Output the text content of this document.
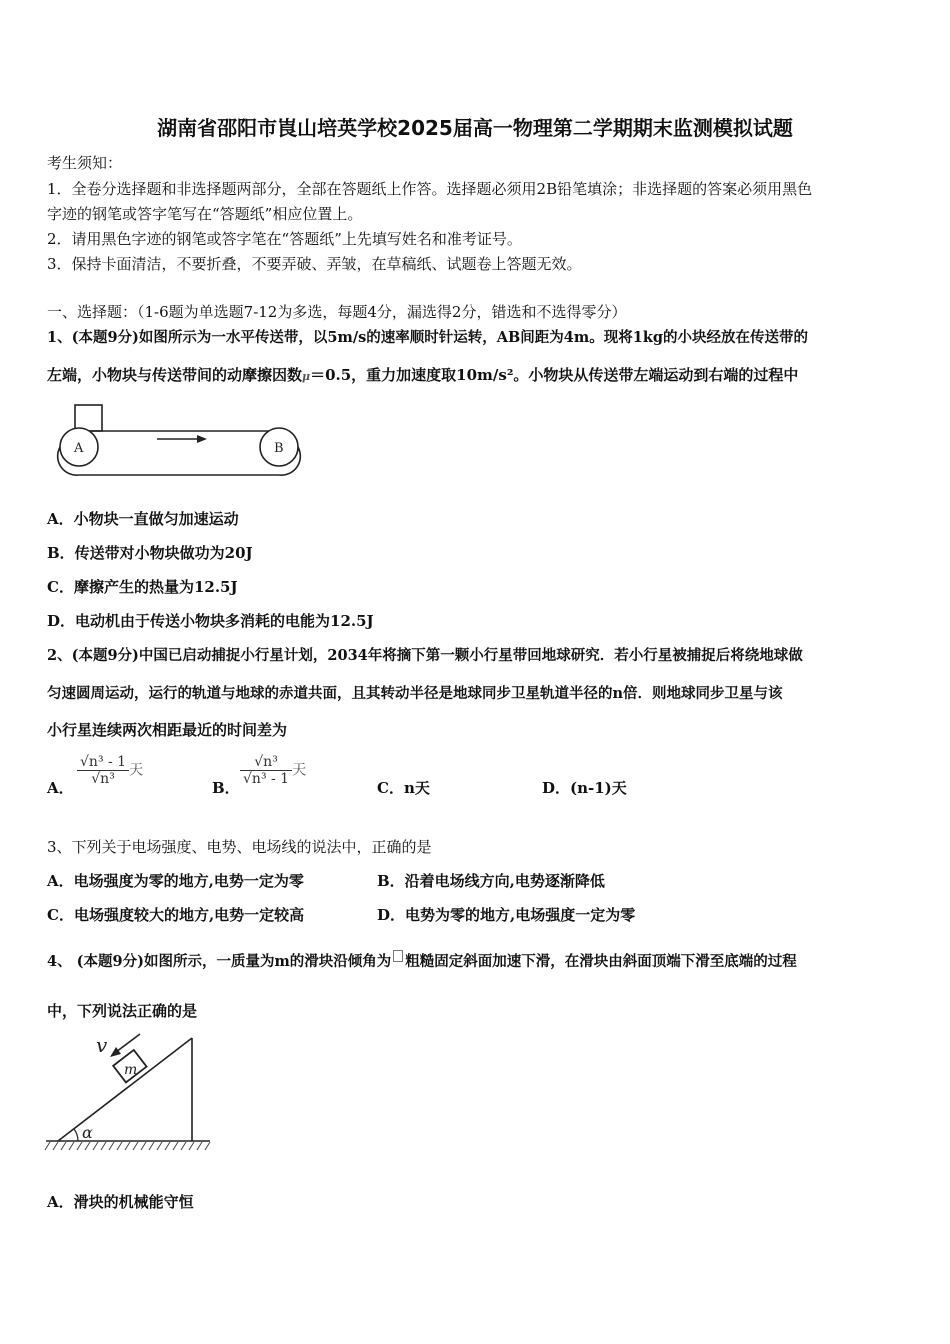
湖南省邵阳市崀山培英学校2025届高一物理第二学期期末监测模拟试题
考生须知：
1．全卷分选择题和非选择题两部分，全部在答题纸上作答。选择题必须用2B铅笔填涂；非选择题的答案必须用黑色
字迹的钢笔或答字笔写在“答题纸”相应位置上。
2．请用黑色字迹的钢笔或答字笔在“答题纸”上先填写姓名和准考证号。
3．保持卡面清洁，不要折叠，不要弄破、弄皱，在草稿纸、试题卷上答题无效。
一、选择题：（1-6题为单选题7-12为多选，每题4分，漏选得2分，错选和不选得零分）
1、(本题9分)如图所示为一水平传送带，以5m/s的速率顺时针运转，AB间距为4m。现将1kg的小块经放在传送带的
左端，小物块与传送带间的动摩擦因数μ＝0.5，重力加速度取10m/s²。小物块从传送带左端运动到右端的过程中
A	B
A．小物块一直做匀加速运动
B．传送带对小物块做功为20J
C．摩擦产生的热量为12.5J
D．电动机由于传送小物块多消耗的电能为12.5J
2、(本题9分)中国已启动捕捉小行星计划，2034年将摘下第一颗小行星带回地球研究．若小行星被捕捉后将绕地球做
匀速圆周运动，运行的轨道与地球的赤道共面，且其转动半径是地球同步卫星轨道半径的n倍．则地球同步卫星与该
小行星连续两次相距最近的时间差为
A．
$\frac{\text{√n³ - 1}}{\text{√n³}}$ 天
B．
$\frac{\text{√n³}}{\text{√n³ - 1}}$ 天
C．n天	D．(n-1)天
3、下列关于电场强度、电势、电场线的说法中，正确的是
A．电场强度为零的地方,电势一定为零	B．沿着电场线方向,电势逐渐降低
C．电场强度较大的地方,电势一定较高	D．电势为零的地方,电场强度一定为零
4、 (本题9分)如图所示，一质量为m的滑块沿倾角为 粗糙固定斜面加速下滑，在滑块由斜面顶端下滑至底端的过程
中，下列说法正确的是
α
m
v
A．滑块的机械能守恒
